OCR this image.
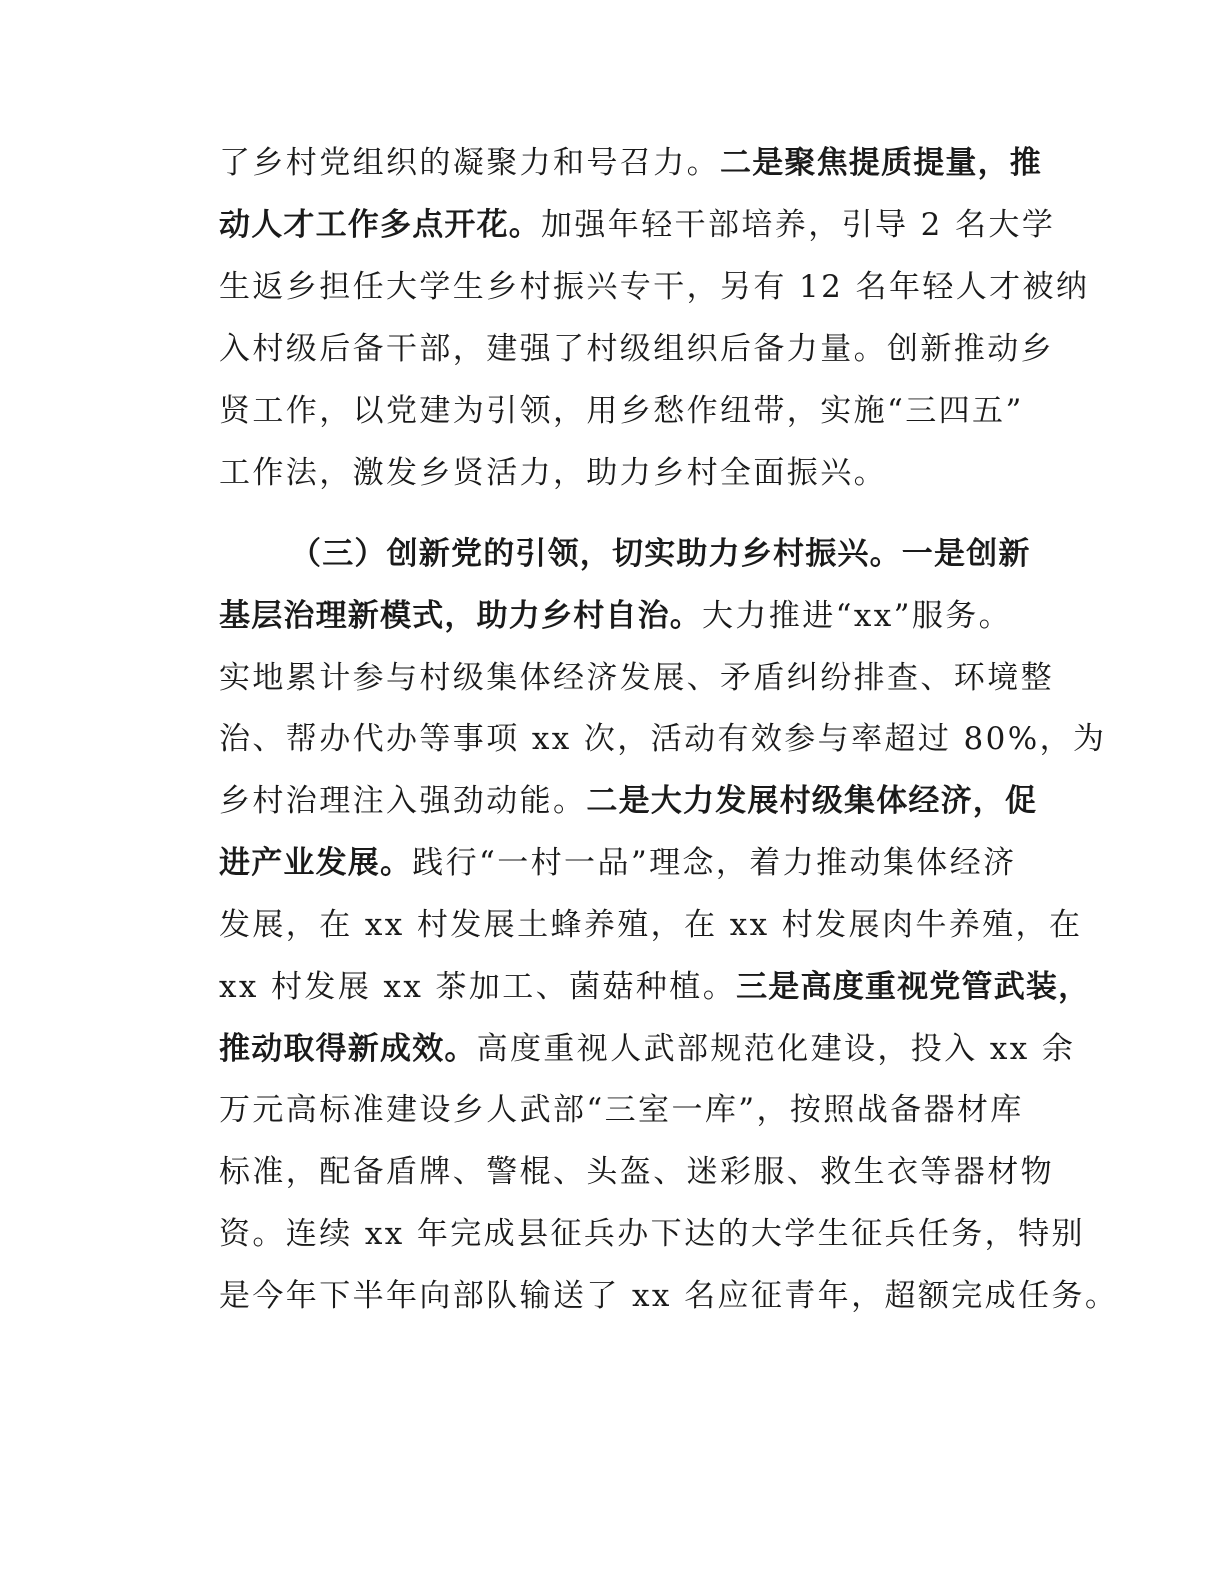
了乡村党组织的凝聚力和号召力。二是聚焦提质提量，推
动人才工作多点开花。加强年轻干部培养，引导 2 名大学
生返乡担任大学生乡村振兴专干，另有 12 名年轻人才被纳
入村级后备干部，建强了村级组织后备力量。创新推动乡
贤工作，以党建为引领，用乡愁作纽带，实施“三四五”
工作法，激发乡贤活力，助力乡村全面振兴。
（三）创新党的引领，切实助力乡村振兴。一是创新
基层治理新模式，助力乡村自治。大力推进“xx”服务。
实地累计参与村级集体经济发展、矛盾纠纷排查、环境整
治、帮办代办等事项 xx 次，活动有效参与率超过 80%，为
乡村治理注入强劲动能。二是大力发展村级集体经济，促
进产业发展。践行“一村一品”理念，着力推动集体经济
发展，在 xx 村发展土蜂养殖，在 xx 村发展肉牛养殖，在
xx 村发展 xx 茶加工、菌菇种植。三是高度重视党管武装，
推动取得新成效。高度重视人武部规范化建设，投入 xx 余
万元高标准建设乡人武部“三室一库”，按照战备器材库
标准，配备盾牌、警棍、头盔、迷彩服、救生衣等器材物
资。连续 xx 年完成县征兵办下达的大学生征兵任务，特别
是今年下半年向部队输送了 xx 名应征青年，超额完成任务。
